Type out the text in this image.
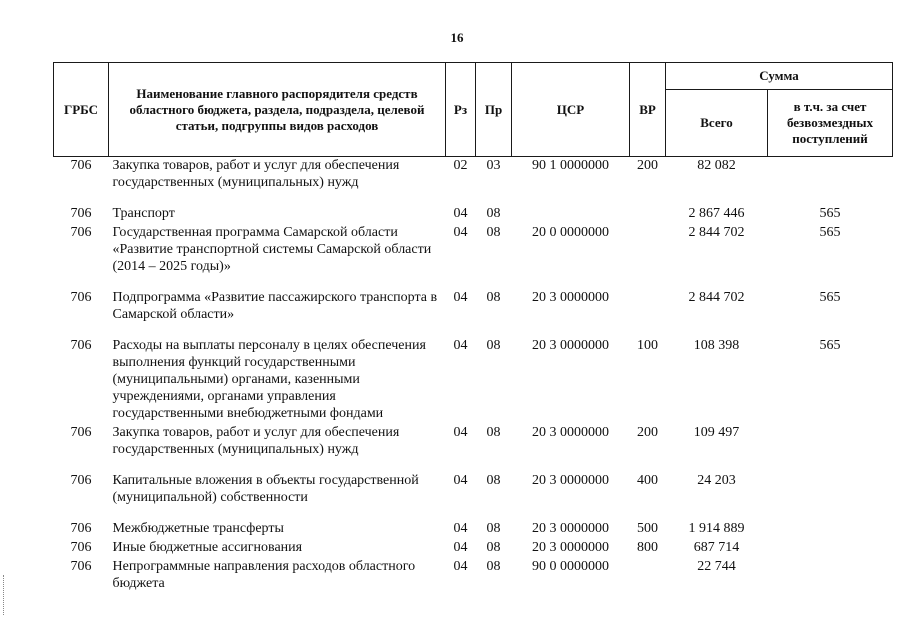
16
ГРБС	Наименование главного распорядителя средств областного бюджета, раздела, подраздела, целевой статьи, подгруппы видов расходов	Рз	Пр	ЦСР	ВР	Сумма	
						Всего	в т.ч. за счет безвозмездных поступлений
706	Закупка товаров, работ и услуг для обеспечения государственных (муниципальных) нужд	02	03	90 1 0000000	200	82 082	
706	Транспорт	04	08			2 867 446	565
706	Государственная программа Самарской области «Развитие транспортной системы Самарской области (2014 – 2025 годы)»	04	08	20 0 0000000		2 844 702	565
706	Подпрограмма «Развитие пассажирского транспорта в Самарской области»	04	08	20 3 0000000		2 844 702	565
706	Расходы на выплаты персоналу в целях обеспечения выполнения функций государственными (муниципальными) органами, казенными учреждениями, органами управления государственными внебюджетными фондами	04	08	20 3 0000000	100	108 398	565
706	Закупка товаров, работ и услуг для обеспечения государственных (муниципальных) нужд	04	08	20 3 0000000	200	109 497	
706	Капитальные вложения в объекты государственной (муниципальной) собственности	04	08	20 3 0000000	400	24 203	
706	Межбюджетные трансферты	04	08	20 3 0000000	500	1 914 889	
706	Иные бюджетные ассигнования	04	08	20 3 0000000	800	687 714	
706	Непрограммные направления расходов областного бюджета	04	08	90 0 0000000		22 744	
